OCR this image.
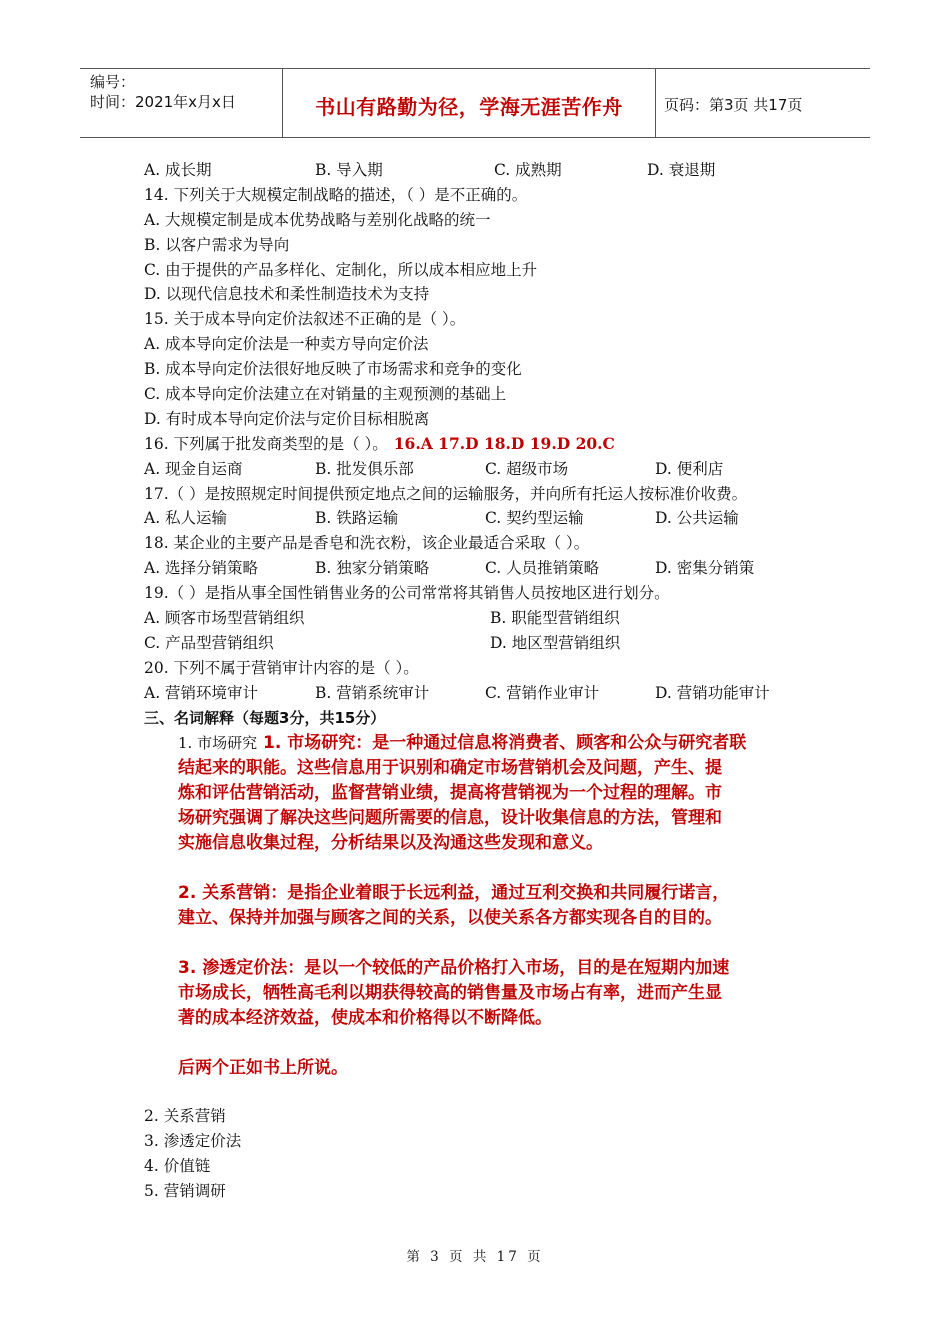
编号：
时间：2021年x月x日	书山有路勤为径，学海无涯苦作舟	页码：第3页 共17页
A. 成长期	B. 导入期	C. 成熟期	D. 衰退期
14. 下列关于大规模定制战略的描述，（ ）是不正确的。
A. 大规模定制是成本优势战略与差别化战略的统一
B. 以客户需求为导向
C. 由于提供的产品多样化、定制化，所以成本相应地上升
D. 以现代信息技术和柔性制造技术为支持
15. 关于成本导向定价法叙述不正确的是（ ）。
A. 成本导向定价法是一种卖方导向定价法
B. 成本导向定价法很好地反映了市场需求和竞争的变化
C. 成本导向定价法建立在对销量的主观预测的基础上
D. 有时成本导向定价法与定价目标相脱离
16. 下列属于批发商类型的是（ ）。 16.A 17.D 18.D 19.D 20.C
A. 现金自运商	B. 批发俱乐部	C. 超级市场	D. 便利店
17.（ ）是按照规定时间提供预定地点之间的运输服务，并向所有托运人按标准价收费。
A. 私人运输	B. 铁路运输	C. 契约型运输	D. 公共运输
18. 某企业的主要产品是香皂和洗衣粉，该企业最适合采取（ ）。
A. 选择分销策略	B. 独家分销策略	C. 人员推销策略	D. 密集分销策
19.（ ）是指从事全国性销售业务的公司常常将其销售人员按地区进行划分。
A. 顾客市场型营销组织	B. 职能型营销组织
C. 产品型营销组织	D. 地区型营销组织
20. 下列不属于营销审计内容的是（ ）。
A. 营销环境审计	B. 营销系统审计	C. 营销作业审计	D. 营销功能审计
三、名词解释（每题3分，共15分）
1. 市场研究 1. 市场研究：是一种通过信息将消费者、顾客和公众与研究者联
结起来的职能。这些信息用于识别和确定市场营销机会及问题，产生、提
炼和评估营销活动，监督营销业绩，提高将营销视为一个过程的理解。市
场研究强调了解决这些问题所需要的信息，设计收集信息的方法，管理和
实施信息收集过程，分析结果以及沟通这些发现和意义。
2. 关系营销：是指企业着眼于长远利益，通过互利交换和共同履行诺言，
建立、保持并加强与顾客之间的关系，以使关系各方都实现各自的目的。
3. 渗透定价法：是以一个较低的产品价格打入市场，目的是在短期内加速
市场成长，牺牲高毛利以期获得较高的销售量及市场占有率，进而产生显
著的成本经济效益，使成本和价格得以不断降低。
后两个正如书上所说。
2. 关系营销
3. 渗透定价法
4. 价值链
5. 营销调研
第 3 页 共 17 页
